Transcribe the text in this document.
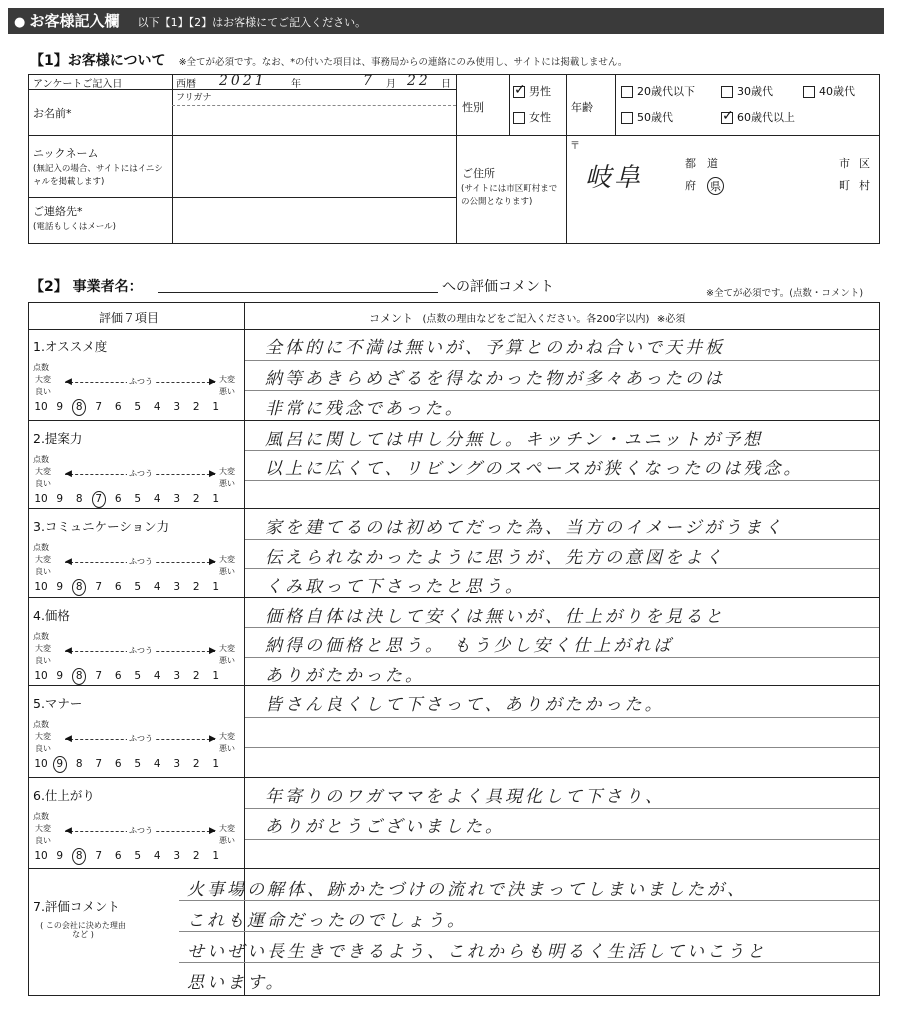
● お客様記入欄 以下【1】【2】はお客様にてご記入ください。
【1】お客様について ※全てが必須です。なお、*の付いた項目は、事務局からの連絡にのみ使用し、サイトには掲載しません。
アンケートご記入日	西暦 2021 年	7 月 22 日
お名前*
フリガナ
性別
✓男性
女性
年齢
20歳代以下	30歳代	40歳代
50歳代
✓	60歳代以上
ニックネーム
(無記入の場合、サイトにはイニシャルを掲載します)
ご住所
(サイトには市区町村までの公開となります)
〒
岐阜	都 道
府 県
市 区
町 村
ご連絡先*
(電話もしくはメール)
【2】 事業者名：	への評価コメント	※全てが必須です。(点数・コメント)
評価７項目	コメント (点数の理由などをご記入ください。各200字以内) ※必須
1.オススメ度
点数
大変
良い
大変
悪い
◀	▶
ふつう
10 9 8 7 6 5 4 3 2 1
全体的に不満は無いが、予算とのかね合いで天井板
納等あきらめざるを得なかった物が多々あったのは
非常に残念であった。
2.提案力
点数
大変
良い
大変
悪い
◀	▶
ふつう
10 9 8 7 6 5 4 3 2 1
風呂に関しては申し分無し。キッチン・ユニットが予想
以上に広くて、リビングのスペースが狭くなったのは残念。
3.コミュニケーション力
点数
大変
良い
大変
悪い
◀	▶
ふつう
10 9 8 7 6 5 4 3 2 1
家を建てるのは初めてだった為、当方のイメージがうまく
伝えられなかったように思うが、先方の意図をよく
くみ取って下さったと思う。
4.価格
点数
大変
良い
大変
悪い
◀	▶
ふつう
10 9 8 7 6 5 4 3 2 1
価格自体は決して安くは無いが、仕上がりを見ると
納得の価格と思う。 もう少し安く仕上がれば
ありがたかった。
5.マナー
点数
大変
良い
大変
悪い
◀	▶
ふつう
10 9 8 7 6 5 4 3 2 1
皆さん良くして下さって、ありがたかった。
6.仕上がり
点数
大変
良い
大変
悪い
◀	▶
ふつう
10 9 8 7 6 5 4 3 2 1
年寄りのワガママをよく具現化して下さり、
ありがとうございました。
7.評価コメント
( この会社に決めた理由など )
火事場の解体、跡かたづけの流れで決まってしまいましたが、
これも運命だったのでしょう。
せいぜい長生きできるよう、これからも明るく生活していこうと
思います。
